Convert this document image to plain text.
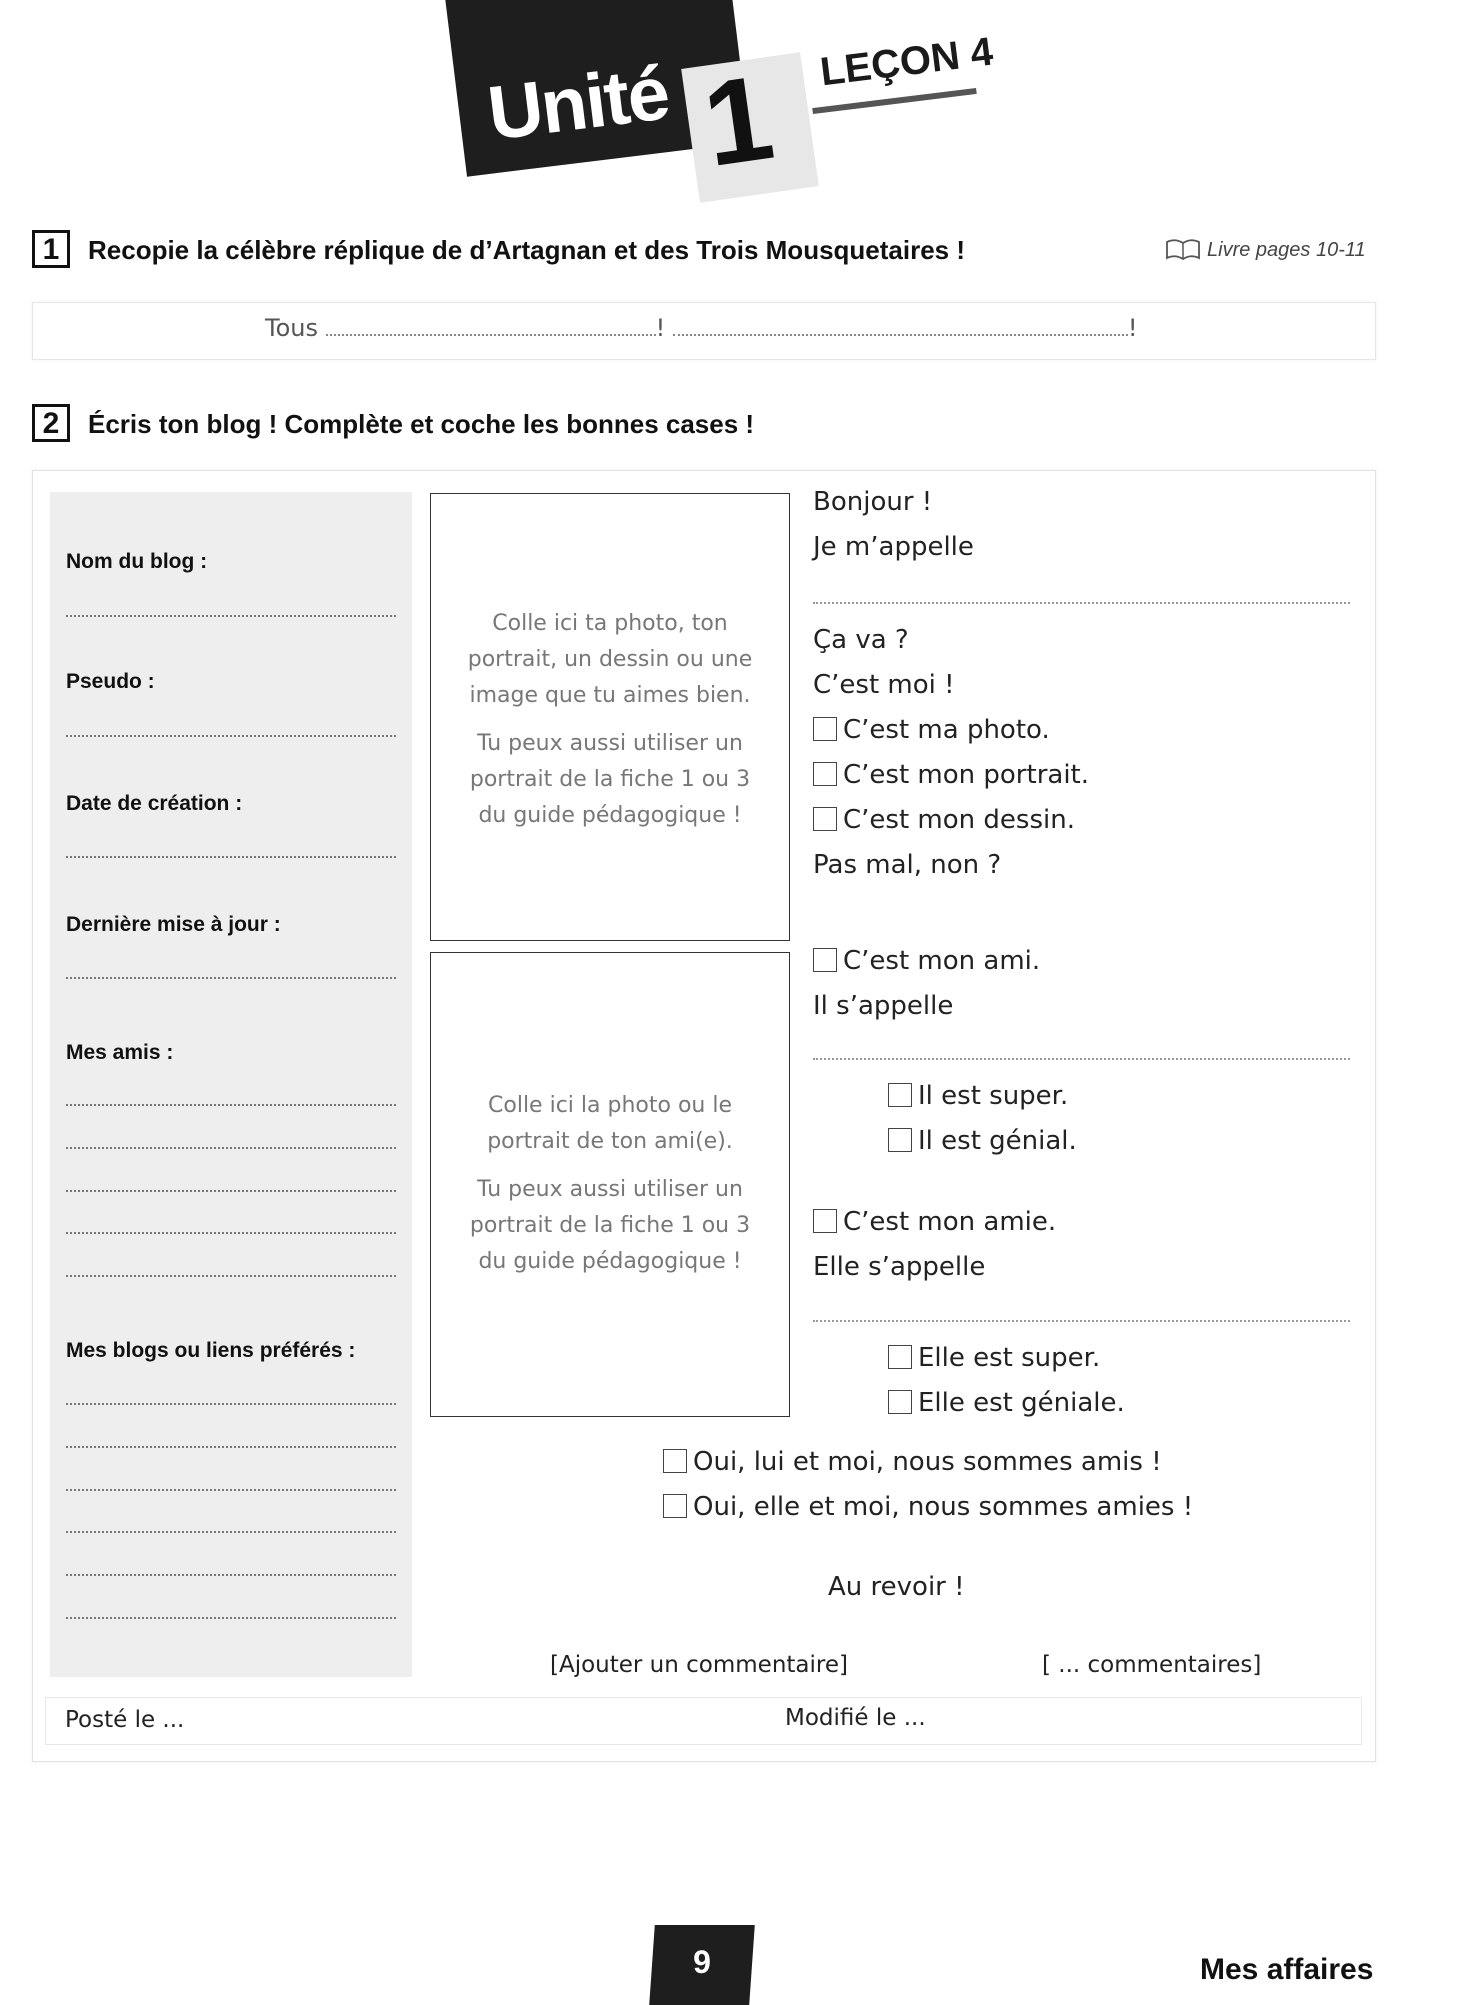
Unité 1 LEÇON 4
1	Recopie la célèbre réplique de d’Artagnan et des Trois Mousquetaires !	Livre pages 10-11
Tous	!	!
2	Écris ton blog ! Complète et coche les bonnes cases !
Nom du blog :
Pseudo :
Date de création :
Dernière mise à jour :
Mes amis :
Mes blogs ou liens préférés :

Colle ici ta photo, ton portrait, un dessin ou une image que tu aimes bien.

Tu peux aussi utiliser un portrait de la fiche 1 ou 3 du guide pédagogique !

Colle ici la photo ou le portrait de ton ami(e).

Tu peux aussi utiliser un portrait de la fiche 1 ou 3 du guide pédagogique !

Bonjour !
Je m’appelle
Ça va ?
C’est moi !
C’est ma photo.
C’est mon portrait.
C’est mon dessin.
Pas mal, non ?
C’est mon ami.
Il s’appelle
Il est super.
Il est génial.
C’est mon amie.
Elle s’appelle
Elle est super.
Elle est géniale.
Oui, lui et moi, nous sommes amis !
Oui, elle et moi, nous sommes amies !
Au revoir !
[Ajouter un commentaire]	[ ... commentaires]
Posté le ...	Modifié le ...
9	Mes affaires
